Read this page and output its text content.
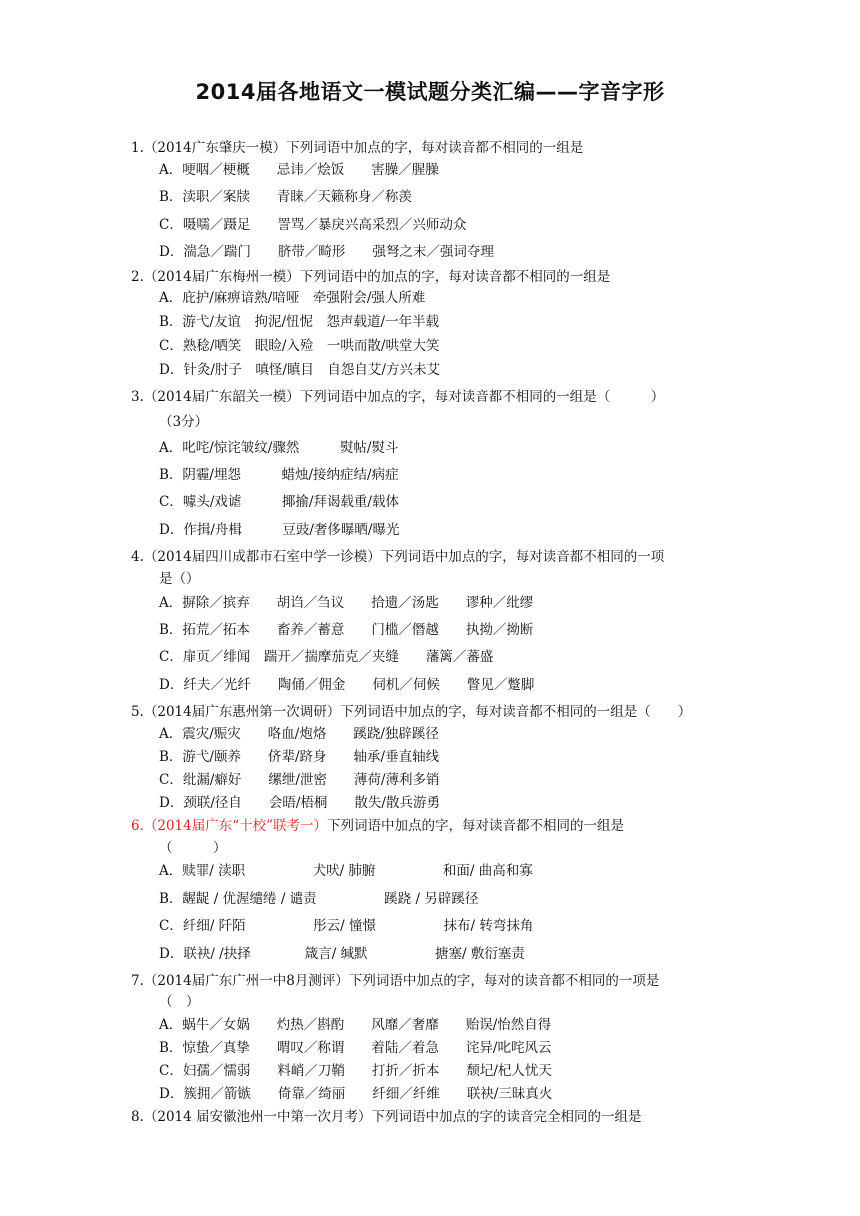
2014届各地语文一模试题分类汇编——字音字形
1.（2014广东肇庆一模）下列词语中加点的字，每对读音都不相同的一组是
A．哽咽／梗概　　忌讳／烩饭　　害臊／腥臊
B．渎职／案牍　　青睐／天籁称身／称羡
C．嗫嚅／蹑足　　詈骂／暴戾兴高采烈／兴师动众
D．湍急／踹门　　脐带／畸形　　强弩之末／强词夺理
2.（2014届广东梅州一模）下列词语中的加点的字，每对读音都不相同的一组是
A．庇护/麻痹谙熟/喑哑　牵强附会/强人所难
B．游弋/友谊　拘泥/忸怩　怨声载道/一年半载
C．熟稔/哂笑　眼睑/入殓　一哄而散/哄堂大笑
D．针灸/肘子　嗔怪/瞋目　自怨自艾/方兴未艾
3.（2014届广东韶关一模）下列词语中加点的字，每对读音都不相同的一组是（　　　）
（3分）
A．叱咤/惊诧皱纹/骤然　　　熨帖/熨斗
B．阴霾/埋怨　　　蜡烛/接纳症结/病症
C．噱头/戏谑　　　揶揄/拜谒载重/载体
D．作揖/舟楫　　　豆豉/奢侈曝晒/曝光
4.（2014届四川成都市石室中学一诊模）下列词语中加点的字，每对读音都不相同的一项
是（）
A．摒除／摈弃　　胡诌／刍议　　拾遗／汤匙　　谬种／纰缪
B．拓荒／拓本　　畜养／蓄意　　门槛／僭越　　执拗／拗断
C．扉页／绯闻　踹开／揣摩茄克／夹缝　　藩篱／蕃盛
D．纤夫／光纤　　陶俑／佣金　　伺机／伺候　　瞥见／蹩脚
5.（2014届广东惠州第一次调研）下列词语中加点的字，每对读音都不相同的一组是（　　）
A．震灾/赈灾　　咯血/炮烙　　蹊跷/独辟蹊径
B．游弋/颐养　　侪辈/跻身　　轴承/垂直轴线
C．纰漏/癖好　　缧绁/泄密　　薄荷/薄利多销
D．颈联/径自　　会晤/梧桐　　散失/散兵游勇
6.（2014届广东“十校”联考一）下列词语中加点的字，每对读音都不相同的一组是
（　　　）
A．赎罪/ 渎职　　　　　犬吠/ 肺腑　　　　　和面/ 曲高和寡
B．龌龊 / 优渥缱绻 / 谴责　　　　　蹊跷 / 另辟蹊径
C．纤细/ 阡陌　　　　　彤云/ 憧憬　　　　　抹布/ 转弯抹角
D．联袂/ /抉择　　　　箴言/ 缄默　　　　　搪塞/ 敷衍塞责
7.（2014届广东广州一中8月测评）下列词语中加点的字，每对的读音都不相同的一项是
（　）
A．蜗牛／女娲　　灼热／斟酌　　风靡／奢靡　　贻误/怡然自得
B．惊蛰／真挚　　喟叹／称谓　　着陆／着急　　诧异/叱咤风云
C．妇孺／懦弱　　料峭／刀鞘　　打折／折本　　颓圮/杞人忧天
D．簇拥／箭镞　　倚靠／绮丽　　纤细／纤维　　联袂/三昧真火
8.（2014 届安徽池州一中第一次月考）下列词语中加点的字的读音完全相同的一组是
